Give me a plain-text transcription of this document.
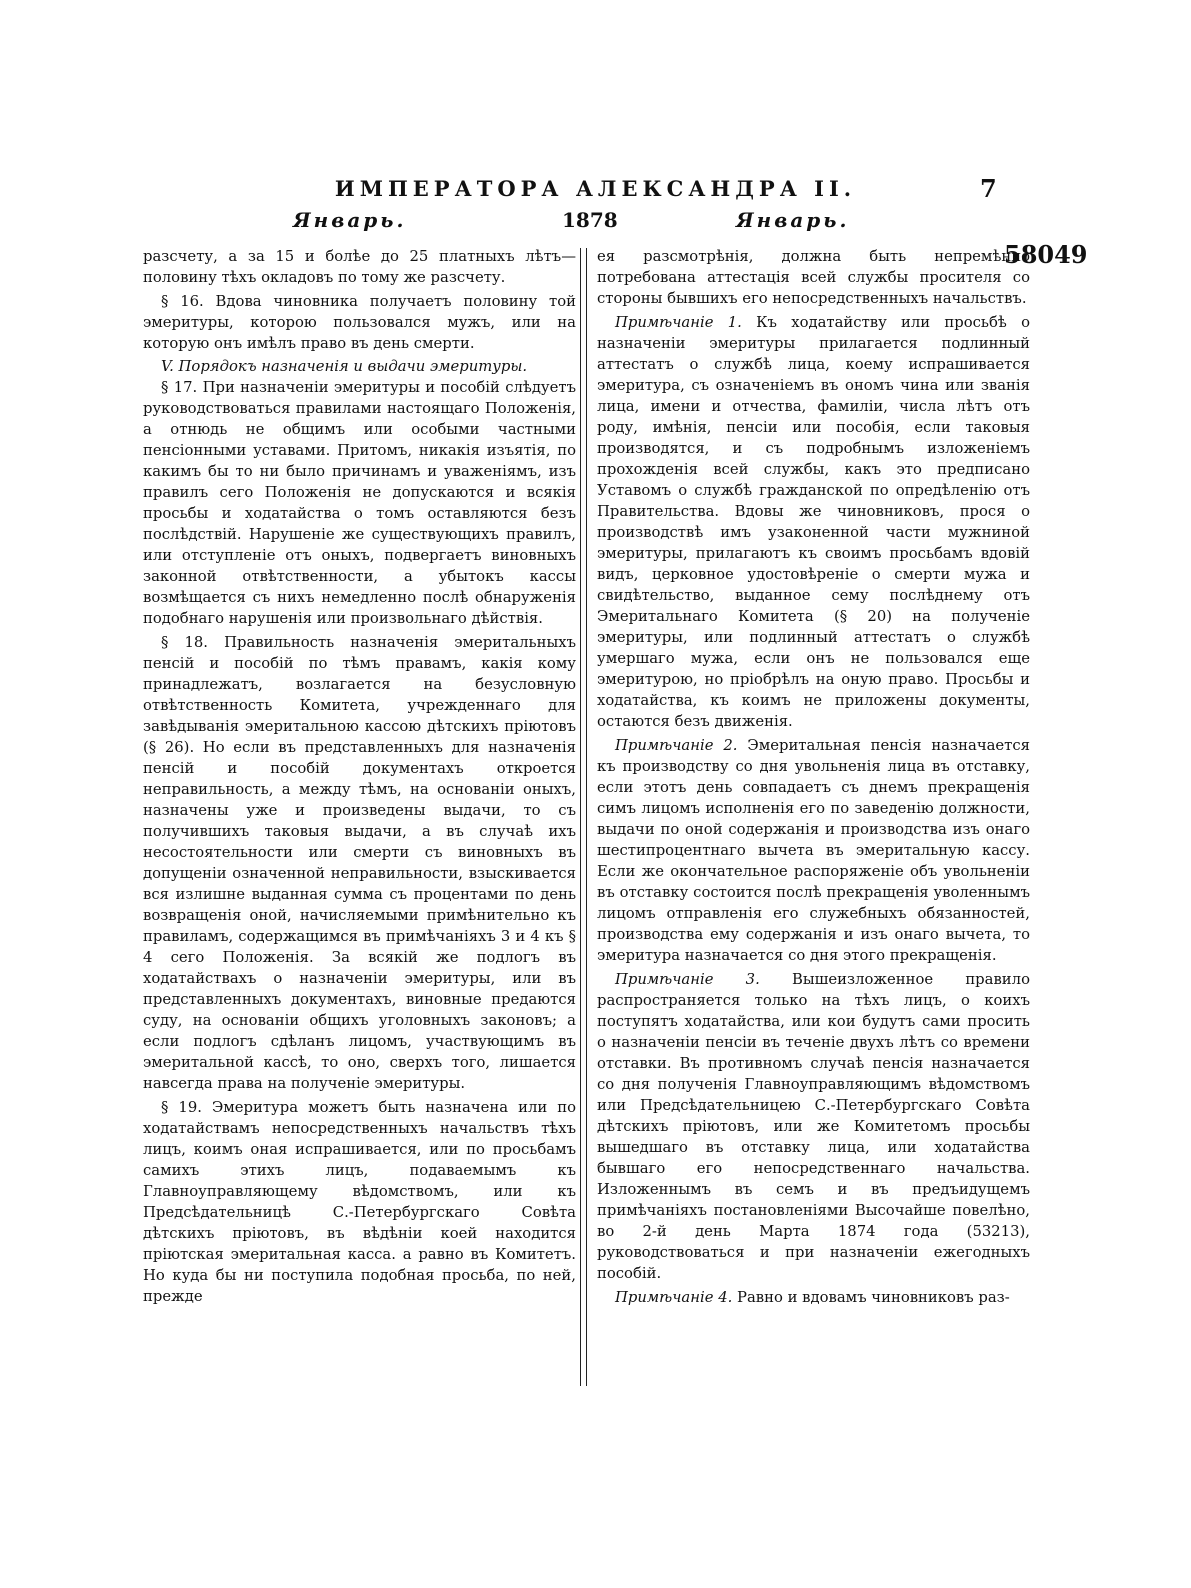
ИМПЕРАТОРА АЛЕКСАНДРА II.	7
Январь.	1878	Январь.
58049

разсчету, а за 15 и болѣе до 25 платныхъ лѣтъ—половину тѣхъ окладовъ по тому же разсчету.

§ 16. Вдова чиновника получаетъ половину той эмеритуры, которою пользовался мужъ, или на которую онъ имѣлъ право въ день смерти.

V. Порядокъ назначенія и выдачи эмеритуры.

§ 17. При назначеніи эмеритуры и пособій слѣдуетъ руководствоваться правилами настоящаго Положенія, а отнюдь не общимъ или особыми частными пенсіонными уставами. Притомъ, никакія изъятія, по какимъ бы то ни было причинамъ и уваженіямъ, изъ правилъ сего Положенія не допускаются и всякія просьбы и ходатайства о томъ оставляются безъ послѣдствій. Нарушеніе же существующихъ правилъ, или отступленіе отъ оныхъ, подвергаетъ виновныхъ законной отвѣтственности, а убытокъ кассы возмѣщается съ нихъ немедленно послѣ обнаруженія подобнаго нарушенія или произвольнаго дѣйствія.

§ 18. Правильность назначенія эмеритальныхъ пенсій и пособій по тѣмъ правамъ, какія кому принадлежатъ, возлагается на безусловную отвѣтственность Комитета, учрежденнаго для завѣдыванія эмеритальною кассою дѣтскихъ пріютовъ (§ 26). Но если въ представленныхъ для назначенія пенсій и пособій документахъ откроется неправильность, а между тѣмъ, на основаніи оныхъ, назначены уже и произведены выдачи, то съ получившихъ таковыя выдачи, а въ случаѣ ихъ несостоятельности или смерти съ виновныхъ въ допущеніи означенной неправильности, взыскивается вся излишне выданная сумма съ процентами по день возвращенія оной, начисляемыми примѣнительно къ правиламъ, содержащимся въ примѣчаніяхъ 3 и 4 къ § 4 сего Положенія. За всякій же подлогъ въ ходатайствахъ о назначеніи эмеритуры, или въ представленныхъ документахъ, виновные предаются суду, на основаніи общихъ уголовныхъ законовъ; а если подлогъ сдѣланъ лицомъ, участвующимъ въ эмеритальной кассѣ, то оно, сверхъ того, лишается навсегда права на полученіе эмеритуры.

§ 19. Эмеритура можетъ быть назначена или по ходатайствамъ непосредственныхъ начальствъ тѣхъ лицъ, коимъ оная испрашивается, или по просьбамъ самихъ этихъ лицъ, подаваемымъ къ Главноуправляющему вѣдомствомъ, или къ Предсѣдательницѣ С.-Петербургскаго Совѣта дѣтскихъ пріютовъ, въ вѣдѣніи коей находится пріютская эмеритальная касса. а равно въ Комитетъ. Но куда бы ни поступила подобная просьба, по ней, прежде

ея разсмотрѣнія, должна быть непремѣнно потребована аттестація всей службы просителя со стороны бывшихъ его непосредственныхъ начальствъ.

Примѣчаніе 1. Къ ходатайству или просьбѣ о назначеніи эмеритуры прилагается подлинный аттестатъ о службѣ лица, коему испрашивается эмеритура, съ означеніемъ въ ономъ чина или званія лица, имени и отчества, фамиліи, числа лѣтъ отъ роду, имѣнія, пенсіи или пособія, если таковыя производятся, и съ подробнымъ изложеніемъ прохожденія всей службы, какъ это предписано Уставомъ о службѣ гражданской по опредѣленію отъ Правительства. Вдовы же чиновниковъ, прося о производствѣ имъ узаконенной части мужниной эмеритуры, прилагаютъ къ своимъ просьбамъ вдовій видъ, церковное удостовѣреніе о смерти мужа и свидѣтельство, выданное сему послѣднему отъ Эмеритальнаго Комитета (§ 20) на полученіе эмеритуры, или подлинный аттестатъ о службѣ умершаго мужа, если онъ не пользовался еще эмеритурою, но пріобрѣлъ на оную право. Просьбы и ходатайства, къ коимъ не приложены документы, остаются безъ движенія.

Примѣчаніе 2. Эмеритальная пенсія назначается къ производству со дня увольненія лица въ отставку, если этотъ день совпадаетъ съ днемъ прекращенія симъ лицомъ исполненія его по заведенію должности, выдачи по оной содержанія и производства изъ онаго шестипроцентнаго вычета въ эмеритальную кассу. Если же окончательное распоряженіе объ увольненіи въ отставку состоится послѣ прекращенія уволеннымъ лицомъ отправленія его служебныхъ обязанностей, производства ему содержанія и изъ онаго вычета, то эмеритура назначается со дня этого прекращенія.

Примѣчаніе 3. Вышеизложенное правило распространяется только на тѣхъ лицъ, о коихъ поступятъ ходатайства, или кои будутъ сами просить о назначеніи пенсіи въ теченіе двухъ лѣтъ со времени отставки. Въ противномъ случаѣ пенсія назначается со дня полученія Главноуправляющимъ вѣдомствомъ или Предсѣдательницею С.-Петербургскаго Совѣта дѣтскихъ пріютовъ, или же Комитетомъ просьбы вышедшаго въ отставку лица, или ходатайства бывшаго его непосредственнаго начальства. Изложеннымъ въ семъ и въ предъидущемъ примѣчаніяхъ постановленіями Высочайше повелѣно, во 2-й день Марта 1874 года (53213), руководствоваться и при назначеніи ежегодныхъ пособій.

Примѣчаніе 4. Равно и вдовамъ чиновниковъ раз-
